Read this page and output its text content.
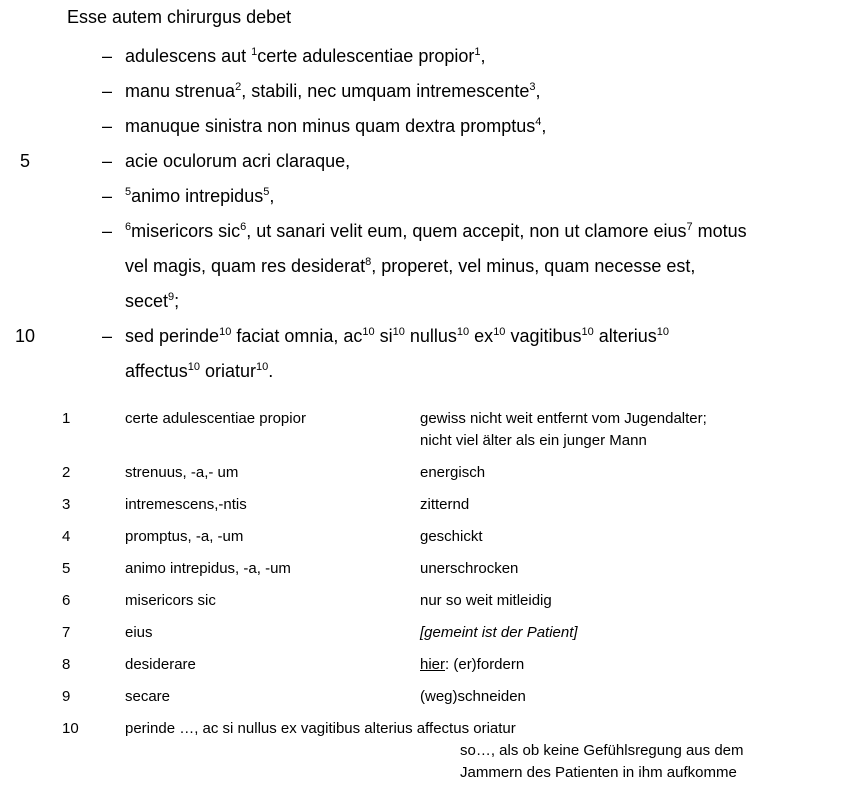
Esse autem chirurgus debet
– adulescens aut $^1$certe adulescentiae propior$^1$,
– manu strenua$^2$, stabili, nec umquam intremescente$^3$,
– manuque sinistra non minus quam dextra promptus$^4$,
5	– acie oculorum acri claraque,
– $^5$animo intrepidus$^5$,
– $^6$misericors sic$^6$, ut sanari velit eum, quem accepit, non ut clamore eius$^7$ motus
vel magis, quam res desiderat$^8$, properet, vel minus, quam necesse est,
secet$^9$;
10	– sed perinde$^{10}$ faciat omnia, $ac^{10}$ $si^{10}$ nullus$^{10}$ $ex^{10}$ vagitibus$^{10}$ alterius$^{10}$
affectus$^{10}$ oriatur$^{10}$.
1	certe adulescentiae propior	gewiss nicht weit entfernt vom Jugendalter;
nicht viel älter als ein junger Mann
2	strenuus, -a,- um	energisch
3	intremescens,-ntis	zitternd
4	promptus, -a, -um	geschickt
5	animo intrepidus, -a, -um	unerschrocken
6	misericors sic	nur so weit mitleidig
7	eius	[gemeint ist der Patient]
8	desiderare	hier: (er)fordern
9	secare	(weg)schneiden
10	perinde …, ac si nullus ex vagitibus alterius affectus oriatur
so…, als ob keine Gefühlsregung aus dem
Jammern des Patienten in ihm aufkomme
